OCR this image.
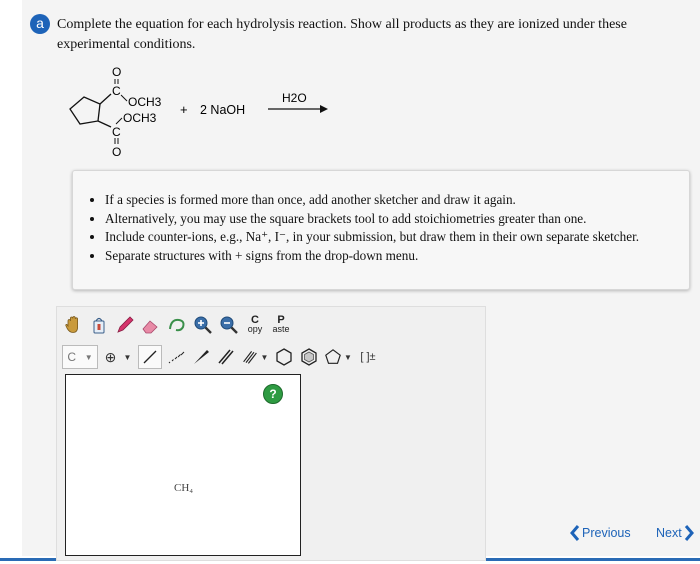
a Complete the equation for each hydrolysis reaction. Show all products as they are ionized under these experimental conditions.
O
C
OCH3
OCH3
C
O
+ 2 NaOH
H2O
• If a species is formed more than once, add another sketcher and draw it again.
• Alternatively, you may use the square brackets tool to add stoichiometries greater than one.
• Include counter-ions, e.g., Na⁺, I⁻, in your submission, but draw them in their own separate sketcher.
• Separate structures with + signs from the drop-down menu.
C
opy
P
aste
C ▼ ⊕ ▼	▼	▼ [ ]±
?
CH₄
Previous Next
